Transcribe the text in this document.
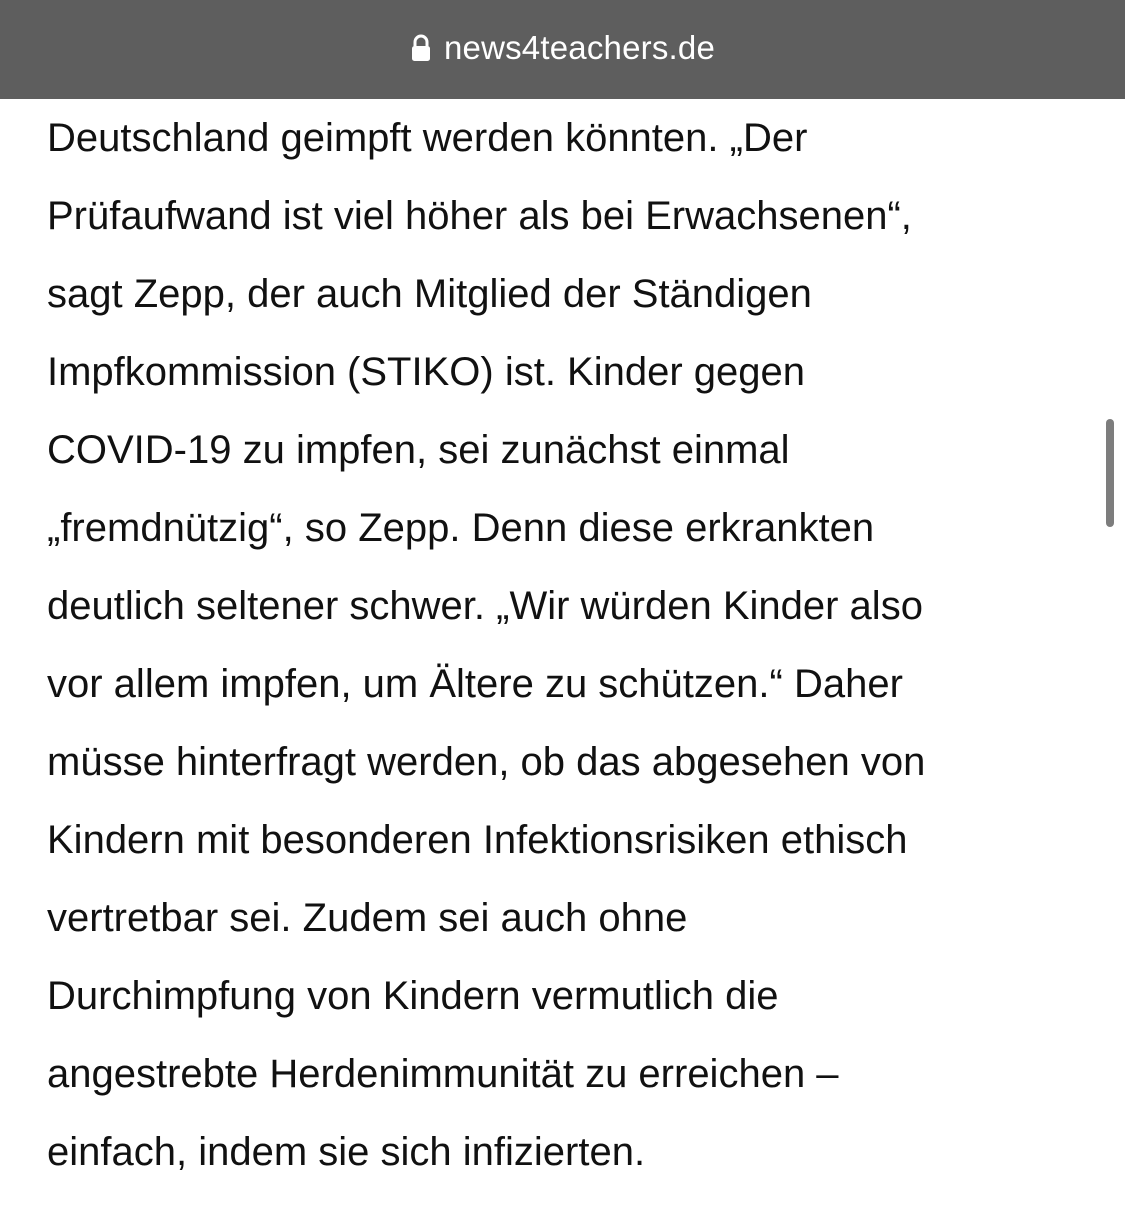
news4teachers.de

Deutschland geimpft werden könnten. „Der

Prüfaufwand ist viel höher als bei Erwachsenen“,

sagt Zepp, der auch Mitglied der Ständigen

Impfkommission (STIKO) ist. Kinder gegen

COVID-19 zu impfen, sei zunächst einmal

„fremdnützig“, so Zepp. Denn diese erkrankten

deutlich seltener schwer. „Wir würden Kinder also

vor allem impfen, um Ältere zu schützen.“ Daher

müsse hinterfragt werden, ob das abgesehen von

Kindern mit besonderen Infektionsrisiken ethisch

vertretbar sei. Zudem sei auch ohne

Durchimpfung von Kindern vermutlich die

angestrebte Herdenimmunität zu erreichen –

einfach, indem sie sich infizierten.
